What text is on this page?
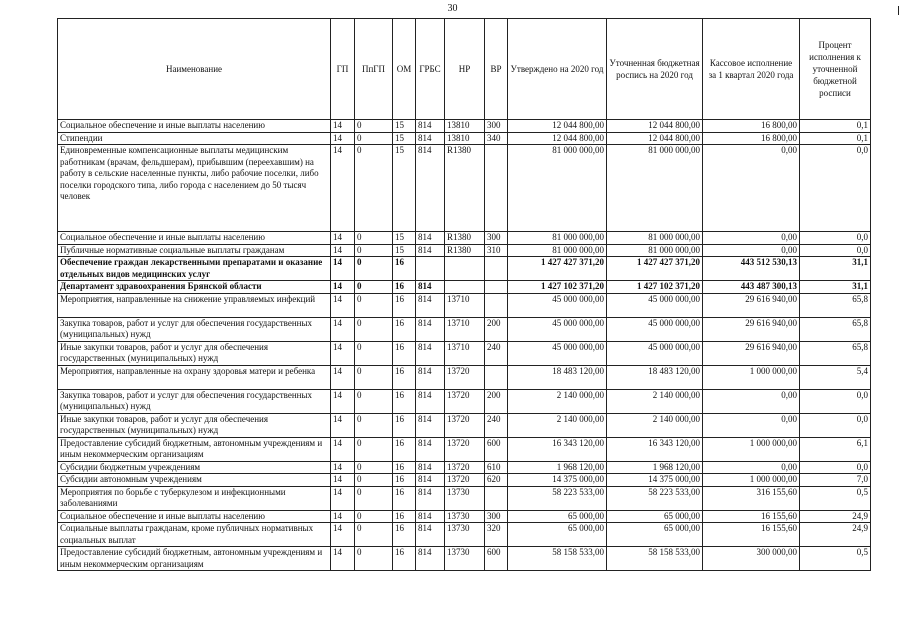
30
Наименование	ГП	ПпГП	ОМ	ГРБС	НР	ВР	Утверждено на 2020 год	Уточненная бюджетная роспись на 2020 год	Кассовое исполнение за 1 квартал 2020 года	Процент исполнения к уточненной бюджетной росписи
Социальное обеспечение и иные выплаты населению	14	0	15	814	13810	300	12 044 800,00	12 044 800,00	16 800,00	0,1
Стипендии	14	0	15	814	13810	340	12 044 800,00	12 044 800,00	16 800,00	0,1
Единовременные компенсационные выплаты медицинским работникам (врачам, фельдшерам), прибывшим (переехавшим) на работу в сельские населенные пункты, либо рабочие поселки, либо поселки городского типа, либо города с населением до 50 тысяч человек	14	0	15	814	R1380		81 000 000,00	81 000 000,00	0,00	0,0
Социальное обеспечение и иные выплаты населению	14	0	15	814	R1380	300	81 000 000,00	81 000 000,00	0,00	0,0
Публичные нормативные социальные выплаты гражданам	14	0	15	814	R1380	310	81 000 000,00	81 000 000,00	0,00	0,0
Обеспечение граждан лекарственными препаратами и оказание отдельных видов медицинских услуг	14	0	16				1 427 427 371,20	1 427 427 371,20	443 512 530,13	31,1
Департамент здравоохранения Брянской области	14	0	16	814			1 427 102 371,20	1 427 102 371,20	443 487 300,13	31,1
Мероприятия, направленные на снижение управляемых инфекций	14	0	16	814	13710		45 000 000,00	45 000 000,00	29 616 940,00	65,8
Закупка товаров, работ и услуг для обеспечения государственных (муниципальных) нужд	14	0	16	814	13710	200	45 000 000,00	45 000 000,00	29 616 940,00	65,8
Иные закупки товаров, работ и услуг для обеспечения государственных (муниципальных) нужд	14	0	16	814	13710	240	45 000 000,00	45 000 000,00	29 616 940,00	65,8
Мероприятия, направленные на охрану здоровья матери и ребенка	14	0	16	814	13720		18 483 120,00	18 483 120,00	1 000 000,00	5,4
Закупка товаров, работ и услуг для обеспечения государственных (муниципальных) нужд	14	0	16	814	13720	200	2 140 000,00	2 140 000,00	0,00	0,0
Иные закупки товаров, работ и услуг для обеспечения государственных (муниципальных) нужд	14	0	16	814	13720	240	2 140 000,00	2 140 000,00	0,00	0,0
Предоставление субсидий бюджетным, автономным учреждениям и иным некоммерческим организациям	14	0	16	814	13720	600	16 343 120,00	16 343 120,00	1 000 000,00	6,1
Субсидии бюджетным учреждениям	14	0	16	814	13720	610	1 968 120,00	1 968 120,00	0,00	0,0
Субсидии автономным учреждениям	14	0	16	814	13720	620	14 375 000,00	14 375 000,00	1 000 000,00	7,0
Мероприятия по борьбе с туберкулезом и инфекционными заболеваниями	14	0	16	814	13730		58 223 533,00	58 223 533,00	316 155,60	0,5
Социальное обеспечение и иные выплаты населению	14	0	16	814	13730	300	65 000,00	65 000,00	16 155,60	24,9
Социальные выплаты гражданам, кроме публичных нормативных социальных выплат	14	0	16	814	13730	320	65 000,00	65 000,00	16 155,60	24,9
Предоставление субсидий бюджетным, автономным учреждениям и иным некоммерческим организациям	14	0	16	814	13730	600	58 158 533,00	58 158 533,00	300 000,00	0,5
